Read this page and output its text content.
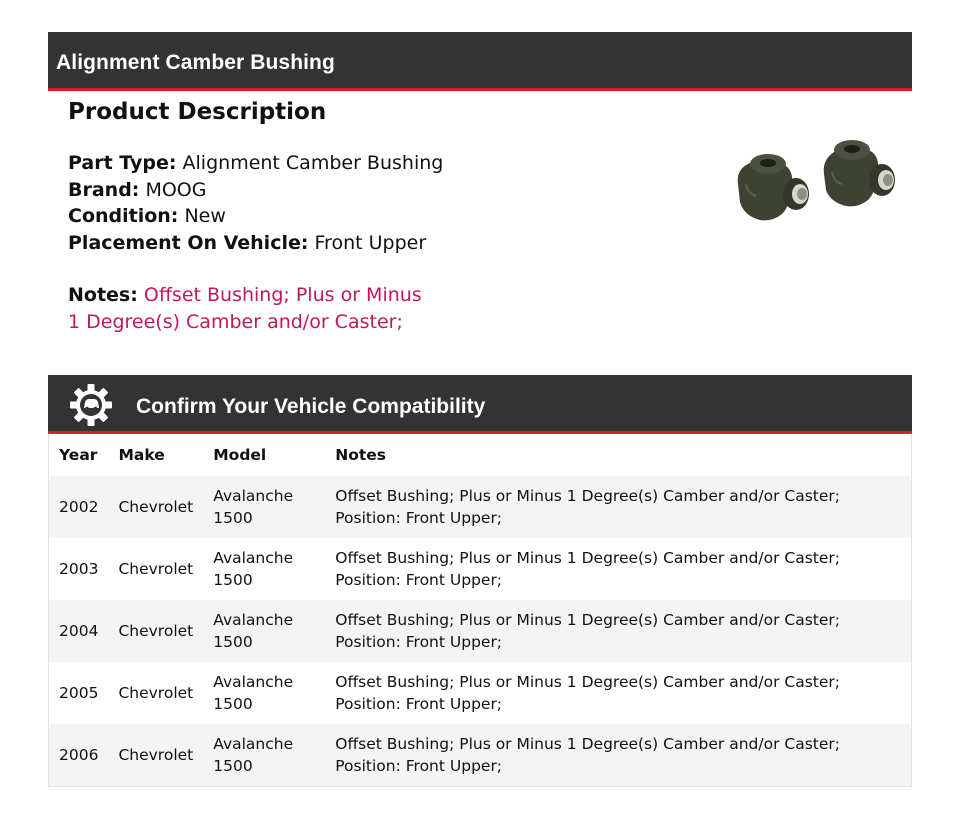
Alignment Camber Bushing
Product Description
Part Type: Alignment Camber Bushing
Brand: MOOG
Condition: New
Placement On Vehicle: Front Upper
Notes: Offset Bushing; Plus or Minus 1 Degree(s) Camber and/or Caster;
Confirm Your Vehicle Compatibility
Year	Make	Model	Notes
2002	Chevrolet	Avalanche 1500	Offset Bushing; Plus or Minus 1 Degree(s) Camber and/or Caster; Position: Front Upper;
2003	Chevrolet	Avalanche 1500	Offset Bushing; Plus or Minus 1 Degree(s) Camber and/or Caster; Position: Front Upper;
2004	Chevrolet	Avalanche 1500	Offset Bushing; Plus or Minus 1 Degree(s) Camber and/or Caster; Position: Front Upper;
2005	Chevrolet	Avalanche 1500	Offset Bushing; Plus or Minus 1 Degree(s) Camber and/or Caster; Position: Front Upper;
2006	Chevrolet	Avalanche 1500	Offset Bushing; Plus or Minus 1 Degree(s) Camber and/or Caster; Position: Front Upper;
